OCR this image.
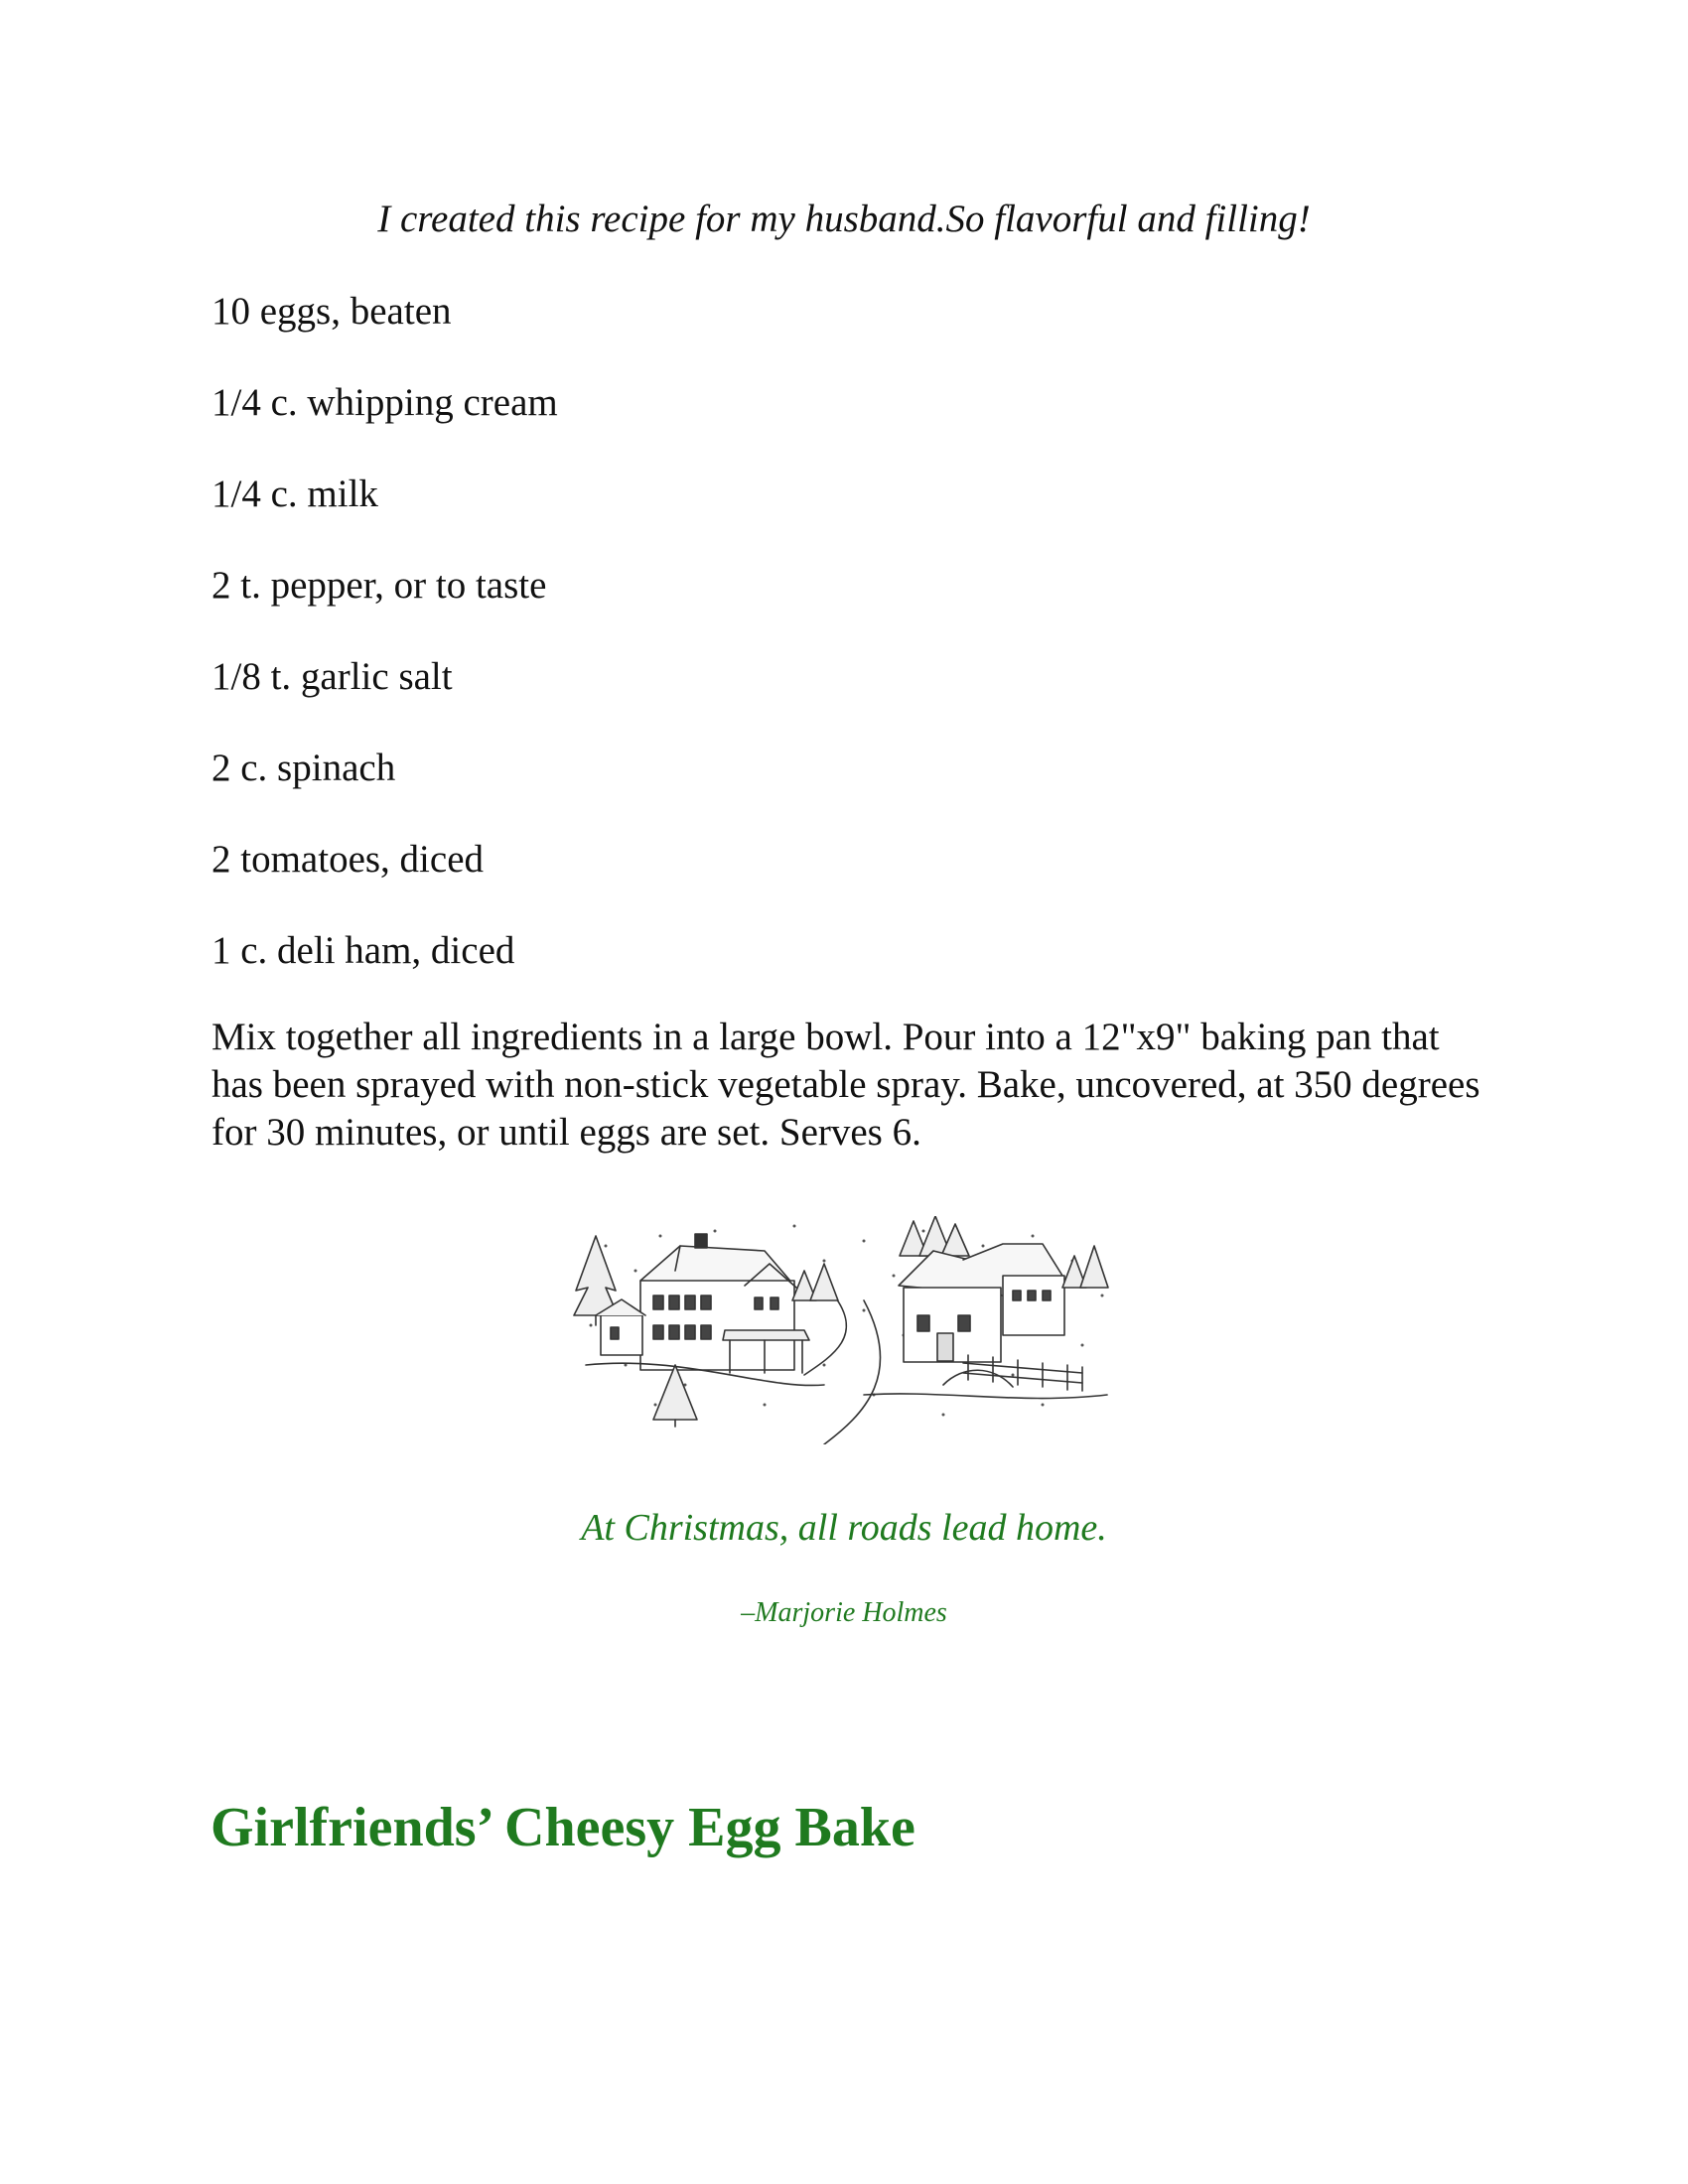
I created this recipe for my husband.So flavorful and filling!
10 eggs, beaten
1/4 c. whipping cream
1/4 c. milk
2 t. pepper, or to taste
1/8 t. garlic salt
2 c. spinach
2 tomatoes, diced
1 c. deli ham, diced

Mix together all ingredients in a large bowl. Pour into a 12"x9" baking pan that has been sprayed with non-stick vegetable spray. Bake, uncovered, at 350 degrees for 30 minutes, or until eggs are set. Serves 6.

At Christmas, all roads lead home.
–Marjorie Holmes
Girlfriends’ Cheesy Egg Bake
